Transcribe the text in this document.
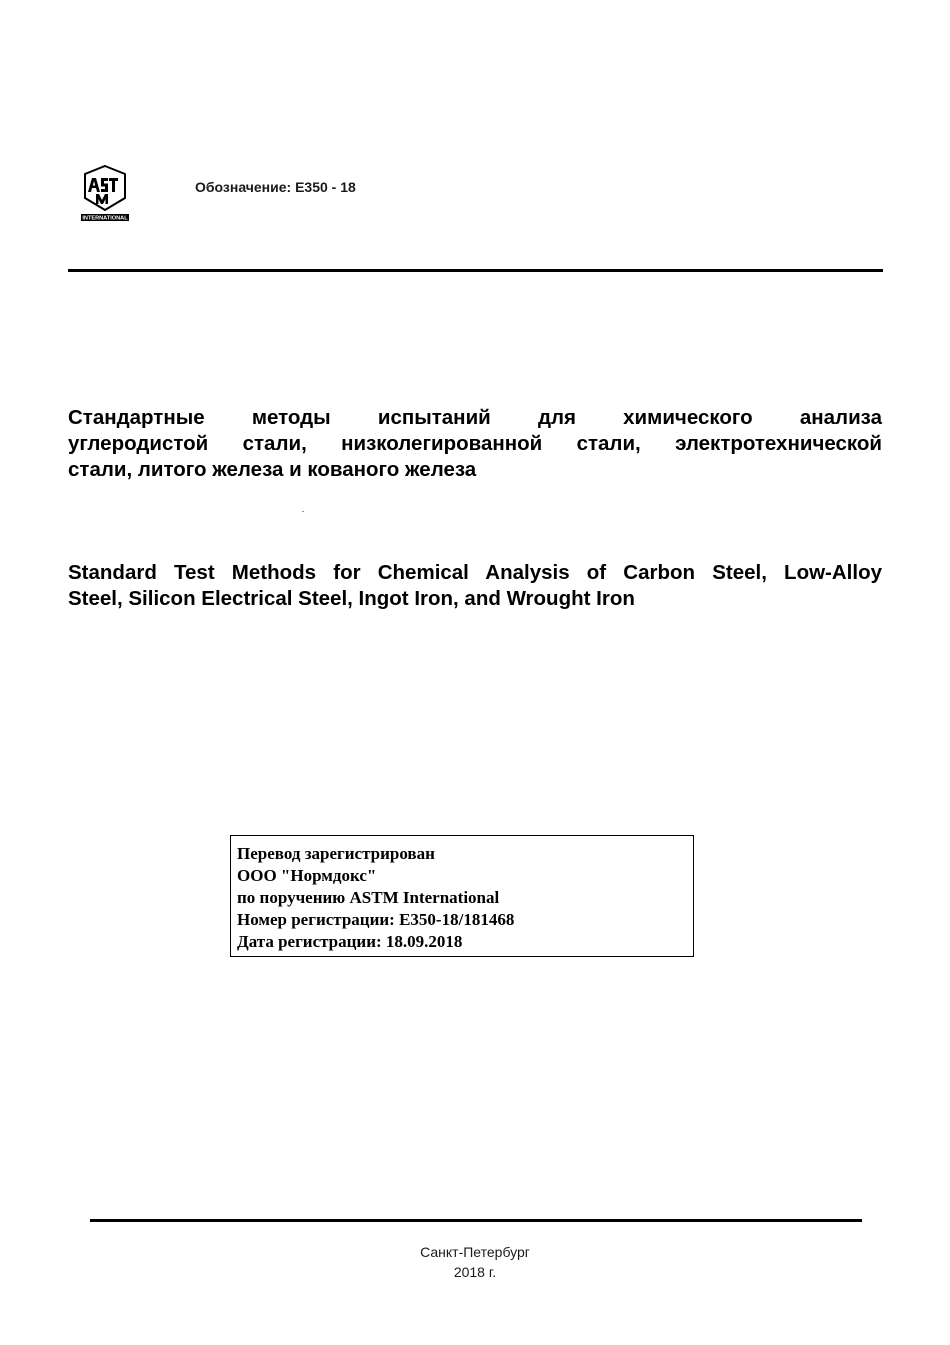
INTERNATIONAL
Обозначение: E350 - 18
Стандартные методы испытаний для химического анализа
углеродистой стали, низколегированной стали, электротехнической
стали, литого железа и кованого железа
Standard Test Methods for Chemical Analysis of Carbon Steel, Low-Alloy
Steel, Silicon Electrical Steel, Ingot Iron, and Wrought Iron
Перевод зарегистрирован
ООО "Нормдокс"
по поручению ASTM International
Номер регистрации: E350-18/181468
Дата регистрации: 18.09.2018
Санкт-Петербург
2018 г.
